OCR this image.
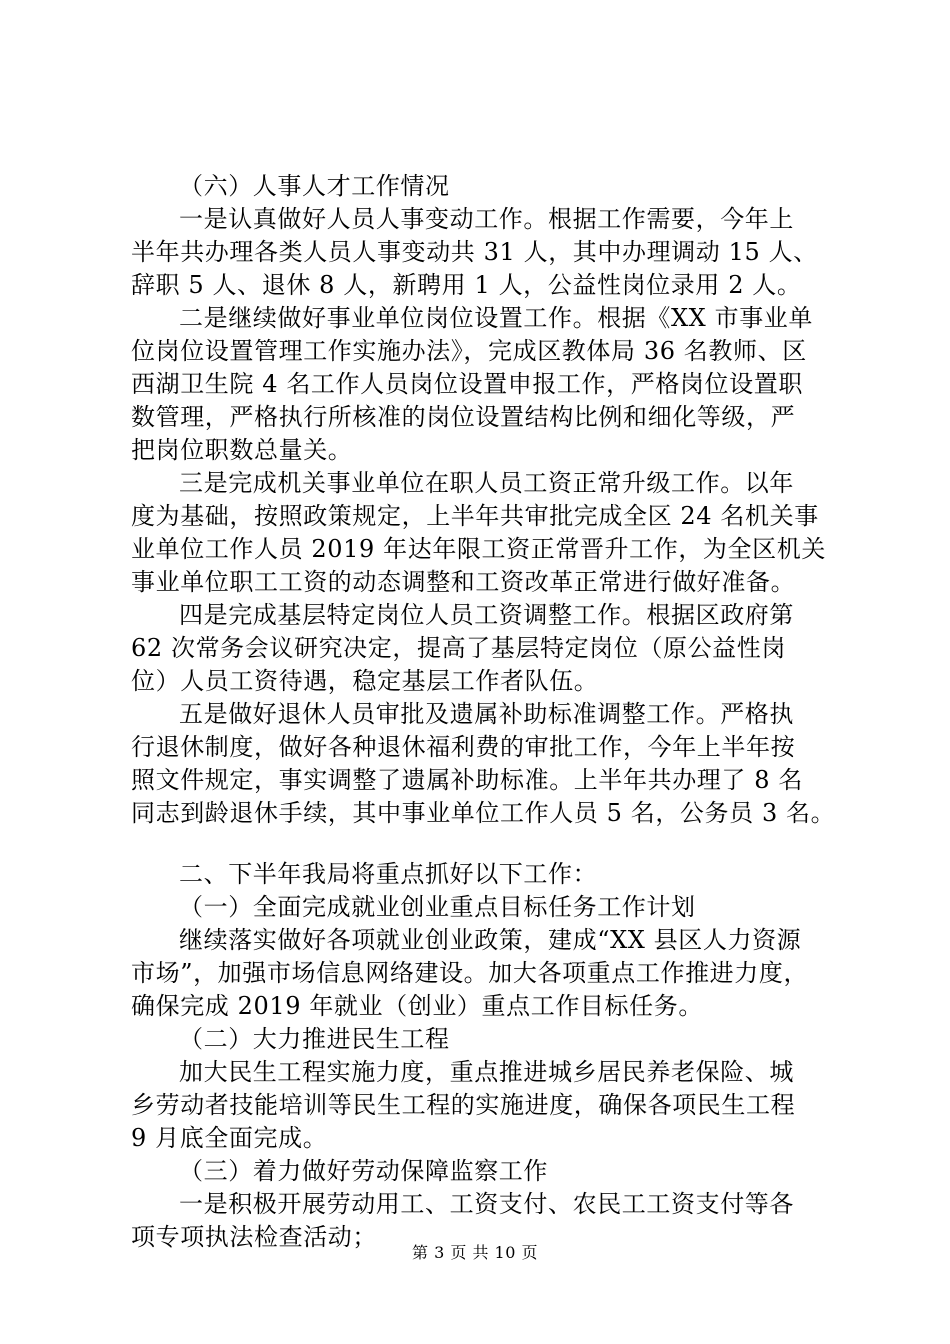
（六）人事人才工作情况
一是认真做好人员人事变动工作。根据工作需要，今年上
半年共办理各类人员人事变动共 31 人，其中办理调动 15 人、
辞职 5 人、退休 8 人，新聘用 1 人，公益性岗位录用 2 人。
二是继续做好事业单位岗位设置工作。根据《XX 市事业单
位岗位设置管理工作实施办法》，完成区教体局 36 名教师、区
西湖卫生院 4 名工作人员岗位设置申报工作，严格岗位设置职
数管理，严格执行所核准的岗位设置结构比例和细化等级，严
把岗位职数总量关。
三是完成机关事业单位在职人员工资正常升级工作。以年
度为基础，按照政策规定，上半年共审批完成全区 24 名机关事
业单位工作人员 2019 年达年限工资正常晋升工作，为全区机关
事业单位职工工资的动态调整和工资改革正常进行做好准备。
四是完成基层特定岗位人员工资调整工作。根据区政府第
62 次常务会议研究决定，提高了基层特定岗位（原公益性岗
位）人员工资待遇，稳定基层工作者队伍。
五是做好退休人员审批及遗属补助标准调整工作。严格执
行退休制度，做好各种退休福利费的审批工作，今年上半年按
照文件规定，事实调整了遗属补助标准。上半年共办理了 8 名
同志到龄退休手续，其中事业单位工作人员 5 名，公务员 3 名。
二、下半年我局将重点抓好以下工作：
（一）全面完成就业创业重点目标任务工作计划
继续落实做好各项就业创业政策，建成“XX 县区人力资源
市场”，加强市场信息网络建设。加大各项重点工作推进力度，
确保完成 2019 年就业（创业）重点工作目标任务。
（二）大力推进民生工程
加大民生工程实施力度，重点推进城乡居民养老保险、城
乡劳动者技能培训等民生工程的实施进度，确保各项民生工程
9 月底全面完成。
（三）着力做好劳动保障监察工作
一是积极开展劳动用工、工资支付、农民工工资支付等各
项专项执法检查活动；
第 3 页 共 10 页
